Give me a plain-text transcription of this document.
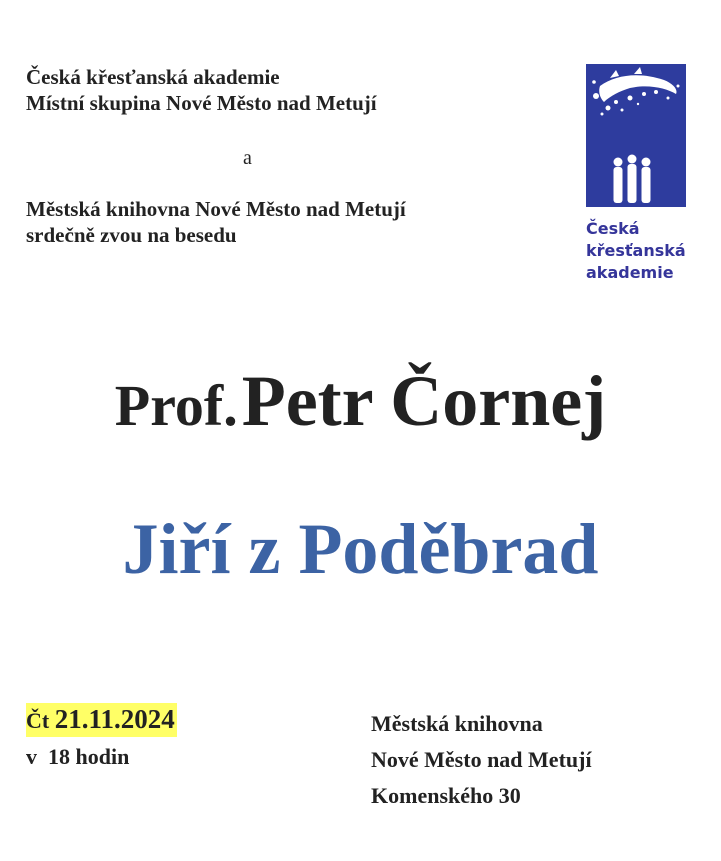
Česká křesťanská akademie
Místní skupina Nové Město nad Metují
a
Městská knihovna Nové Město nad Metují
srdečně zvou na besedu	Česká
křesťanská
akademie
Prof. Petr Čornej
Jiří z Poděbrad
Čt 21.11.2024
v  18 hodin
Městská knihovna
Nové Město nad Metují
Komenského 30
